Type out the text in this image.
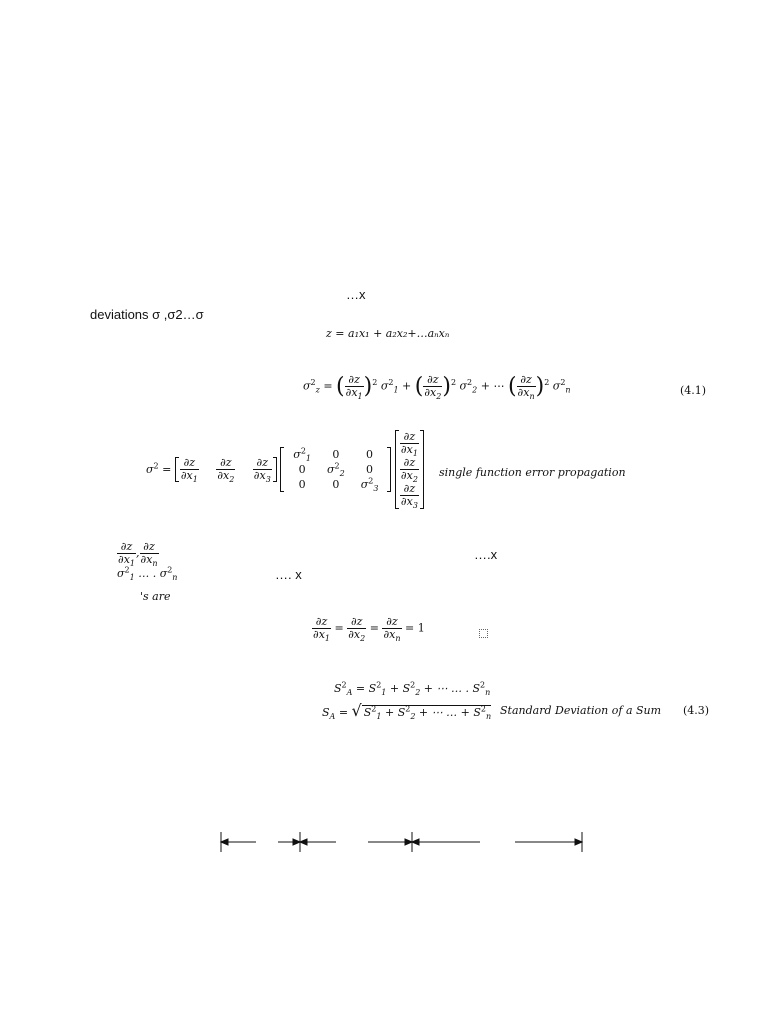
…x
deviations σ ,σ2…σ
z = a₁x₁ + a₂x₂+…aₙxₙ
$\sigma^2_z$ = ( $\frac{\partial z}{\partial x_1} )^2$ $\sigma^2_1$ + ( $\frac{\partial z}{\partial x_2} )^2$ $\sigma^2_2$ + ⋯ ( $\frac{\partial z}{\partial x_n} )^2$ $\sigma^2_n$	(4.1)
$\sigma^2 = \frac{\partial z}{\partial x_1}$
$\frac{\partial z}{\partial x_2}$
$\frac{\partial z}{\partial x_3}$

$\sigma^2_1$	0	0
0	$\sigma^2_2$	0
0	0	$\sigma^2_3$

∂z
$\partial x_1$
∂z
$\partial x_2$
∂z
$\partial x_3$
single function error propagation
$\frac{\partial z}{\partial x_1}$ , $\frac{\partial z}{\partial x_n}$	….x
$\sigma^2_1$ … . $\sigma^2_n$	…. x
's are
$\frac{\partial z}{\partial x_1} = \frac{\partial z}{\partial x_2} = \frac{\partial z}{\partial x_n} = 1$
$S^2_A = S^2_1 + S^2_2$ + ⋯ … . $S^2_n$
$S_A$ = √ $S^2_1 + S^2_2$ + ⋯ … + $S^2_n$ Standard Deviation of a Sum (4.3)
